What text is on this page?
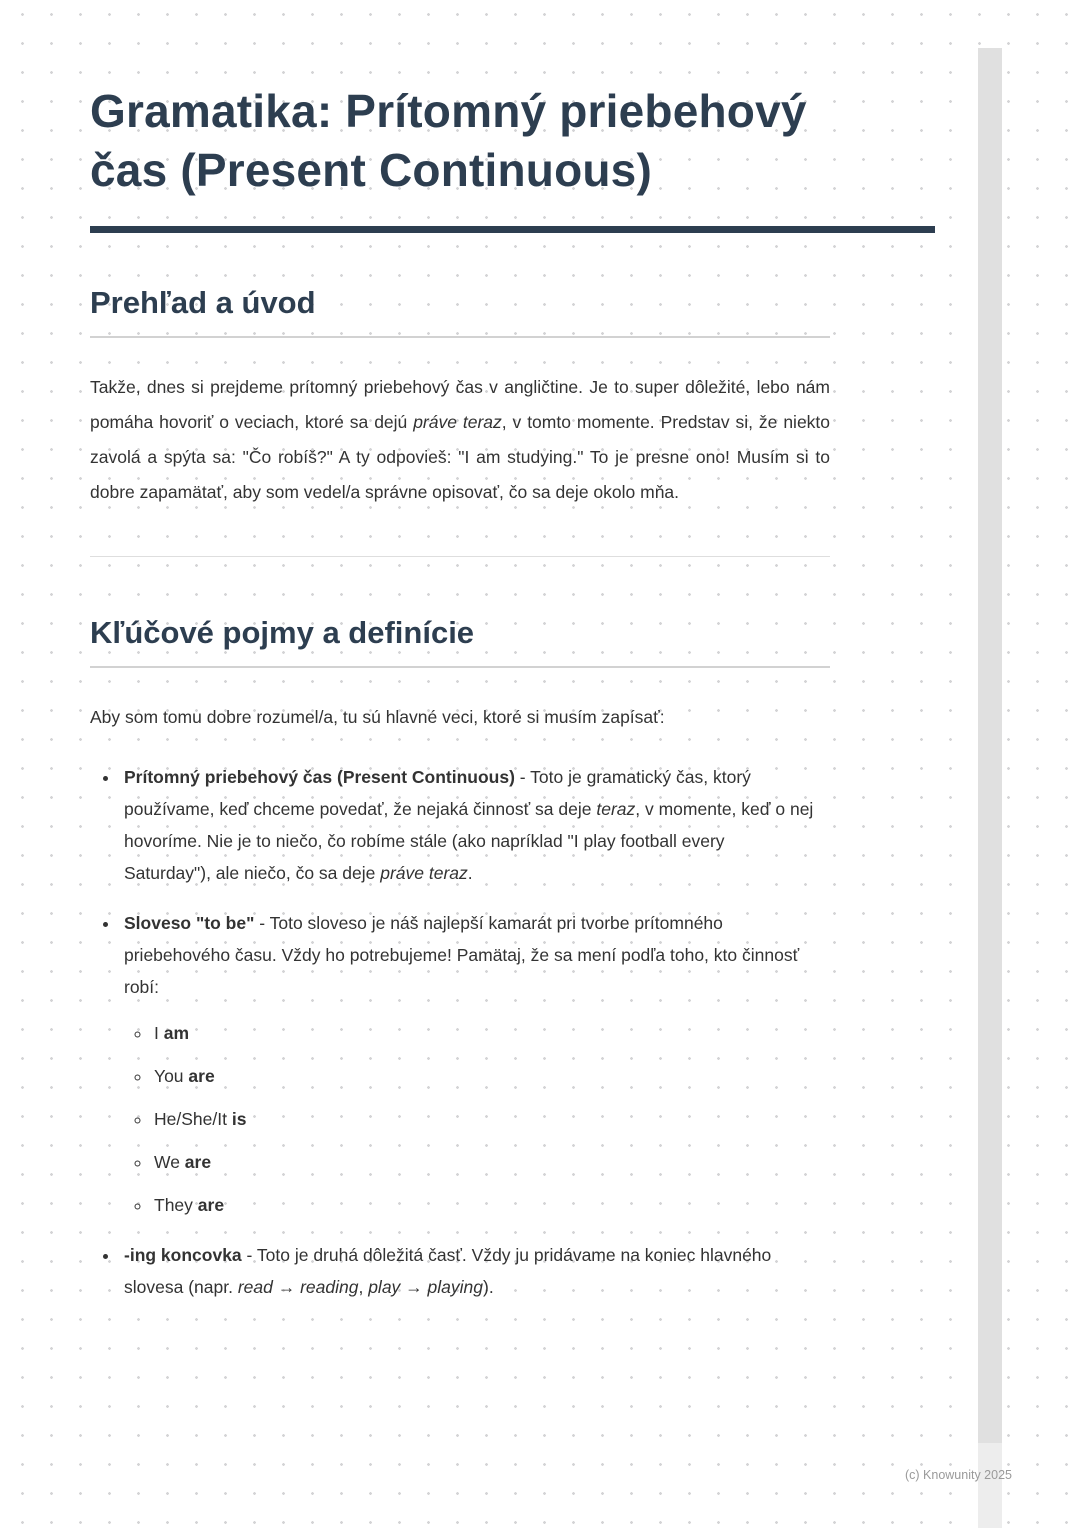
Gramatika: Prítomný priebehový čas (Present Continuous)
Prehľad a úvod

Takže, dnes si prejdeme prítomný priebehový čas v angličtine. Je to super dôležité, lebo nám pomáha hovoriť o veciach, ktoré sa dejú práve teraz, v tomto momente. Predstav si, že niekto zavolá a spýta sa: "Čo robíš?" A ty odpovieš: "I am studying." To je presne ono! Musím si to dobre zapamätať, aby som vedel/a správne opisovať, čo sa deje okolo mňa.

Kľúčové pojmy a definície

Aby som tomu dobre rozumel/a, tu sú hlavné veci, ktoré si musím zapísať:

• Prítomný priebehový čas (Present Continuous) - Toto je gramatický čas, ktorý používame, keď chceme povedať, že nejaká činnosť sa deje teraz, v momente, keď o nej hovoríme. Nie je to niečo, čo robíme stále (ako napríklad "I play football every Saturday"), ale niečo, čo sa deje práve teraz.
• Sloveso "to be" - Toto sloveso je náš najlepší kamarát pri tvorbe prítomného priebehového času. Vždy ho potrebujeme! Pamätaj, že sa mení podľa toho, kto činnosť robí:
◦ I am
◦ You are
◦ He/She/It is
◦ We are
◦ They are
• -ing koncovka - Toto je druhá dôležitá časť. Vždy ju pridávame na koniec hlavného slovesa (napr. read → reading, play → playing).
(c) Knowunity 2025
